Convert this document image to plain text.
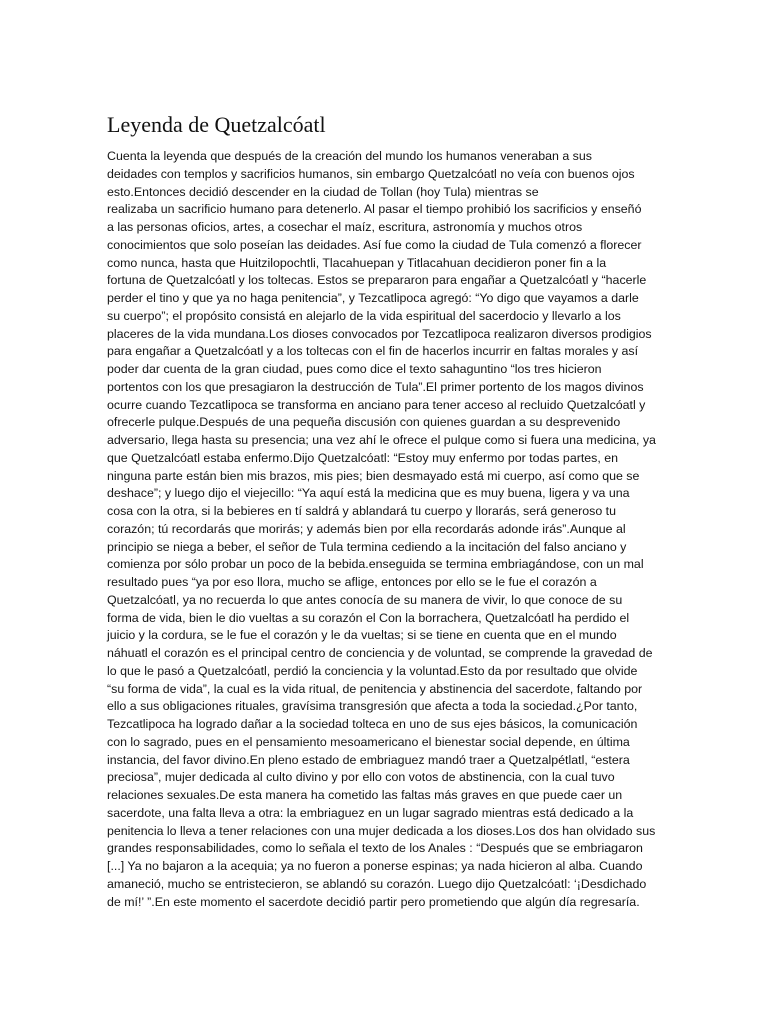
Leyenda de Quetzalcóatl
Cuenta la leyenda que después de la creación del mundo los humanos veneraban a sus
deidades con templos y sacrificios humanos, sin embargo Quetzalcóatl no veía con buenos ojos
esto.Entonces decidió descender en la ciudad de Tollan (hoy Tula) mientras se
realizaba un sacrificio humano para detenerlo. Al pasar el tiempo prohibió los sacrificios y enseñó
a las personas oficios, artes, a cosechar el maíz, escritura, astronomía y muchos otros
conocimientos que solo poseían las deidades. Así fue como la ciudad de Tula comenzó a florecer
como nunca, hasta que Huitzilopochtli, Tlacahuepan y Titlacahuan decidieron poner fin a la
fortuna de Quetzalcóatl y los toltecas. Estos se prepararon para engañar a Quetzalcóatl y “hacerle
perder el tino y que ya no haga penitencia”, y Tezcatlipoca agregó: “Yo digo que vayamos a darle
su cuerpo”; el propósito consistá en alejarlo de la vida espiritual del sacerdocio y llevarlo a los
placeres de la vida mundana.Los dioses convocados por Tezcatlipoca realizaron diversos prodigios
para engañar a Quetzalcóatl y a los toltecas con el fin de hacerlos incurrir en faltas morales y así
poder dar cuenta de la gran ciudad, pues como dice el texto sahaguntino “los tres hicieron
portentos con los que presagiaron la destrucción de Tula”.El primer portento de los magos divinos
ocurre cuando Tezcatlipoca se transforma en anciano para tener acceso al recluido Quetzalcóatl y
ofrecerle pulque.Después de una pequeña discusión con quienes guardan a su desprevenido
adversario, llega hasta su presencia; una vez ahí le ofrece el pulque como si fuera una medicina, ya
que Quetzalcóatl estaba enfermo.Dijo Quetzalcóatl: “Estoy muy enfermo por todas partes, en
ninguna parte están bien mis brazos, mis pies; bien desmayado está mi cuerpo, así como que se
deshace”; y luego dijo el viejecillo: “Ya aquí está la medicina que es muy buena, ligera y va una
cosa con la otra, si la bebieres en tí saldrá y ablandará tu cuerpo y llorarás, será generoso tu
corazón; tú recordarás que morirás; y además bien por ella recordarás adonde irás”.Aunque al
principio se niega a beber, el señor de Tula termina cediendo a la incitación del falso anciano y
comienza por sólo probar un poco de la bebida.enseguida se termina embriagándose, con un mal
resultado pues “ya por eso llora, mucho se aflige, entonces por ello se le fue el corazón a
Quetzalcóatl, ya no recuerda lo que antes conocía de su manera de vivir, lo que conoce de su
forma de vida, bien le dio vueltas a su corazón el Con la borrachera, Quetzalcóatl ha perdido el
juicio y la cordura, se le fue el corazón y le da vueltas; si se tiene en cuenta que en el mundo
náhuatl el corazón es el principal centro de conciencia y de voluntad, se comprende la gravedad de
lo que le pasó a Quetzalcóatl, perdió la conciencia y la voluntad.Esto da por resultado que olvide
“su forma de vida”, la cual es la vida ritual, de penitencia y abstinencia del sacerdote, faltando por
ello a sus obligaciones rituales, gravísima transgresión que afecta a toda la sociedad.¿Por tanto,
Tezcatlipoca ha logrado dañar a la sociedad tolteca en uno de sus ejes básicos, la comunicación
con lo sagrado, pues en el pensamiento mesoamericano el bienestar social depende, en última
instancia, del favor divino.En pleno estado de embriaguez mandó traer a Quetzalpétlatl, “estera
preciosa”, mujer dedicada al culto divino y por ello con votos de abstinencia, con la cual tuvo
relaciones sexuales.De esta manera ha cometido las faltas más graves en que puede caer un
sacerdote, una falta lleva a otra: la embriaguez en un lugar sagrado mientras está dedicado a la
penitencia lo lleva a tener relaciones con una mujer dedicada a los dioses.Los dos han olvidado sus
grandes responsabilidades, como lo señala el texto de los Anales : “Después que se embriagaron
[...] Ya no bajaron a la acequia; ya no fueron a ponerse espinas; ya nada hicieron al alba. Cuando
amaneció, mucho se entristecieron, se ablandó su corazón. Luego dijo Quetzalcóatl: ‘¡Desdichado
de mí!’ ”.En este momento el sacerdote decidió partir pero prometiendo que algún día regresaría.
